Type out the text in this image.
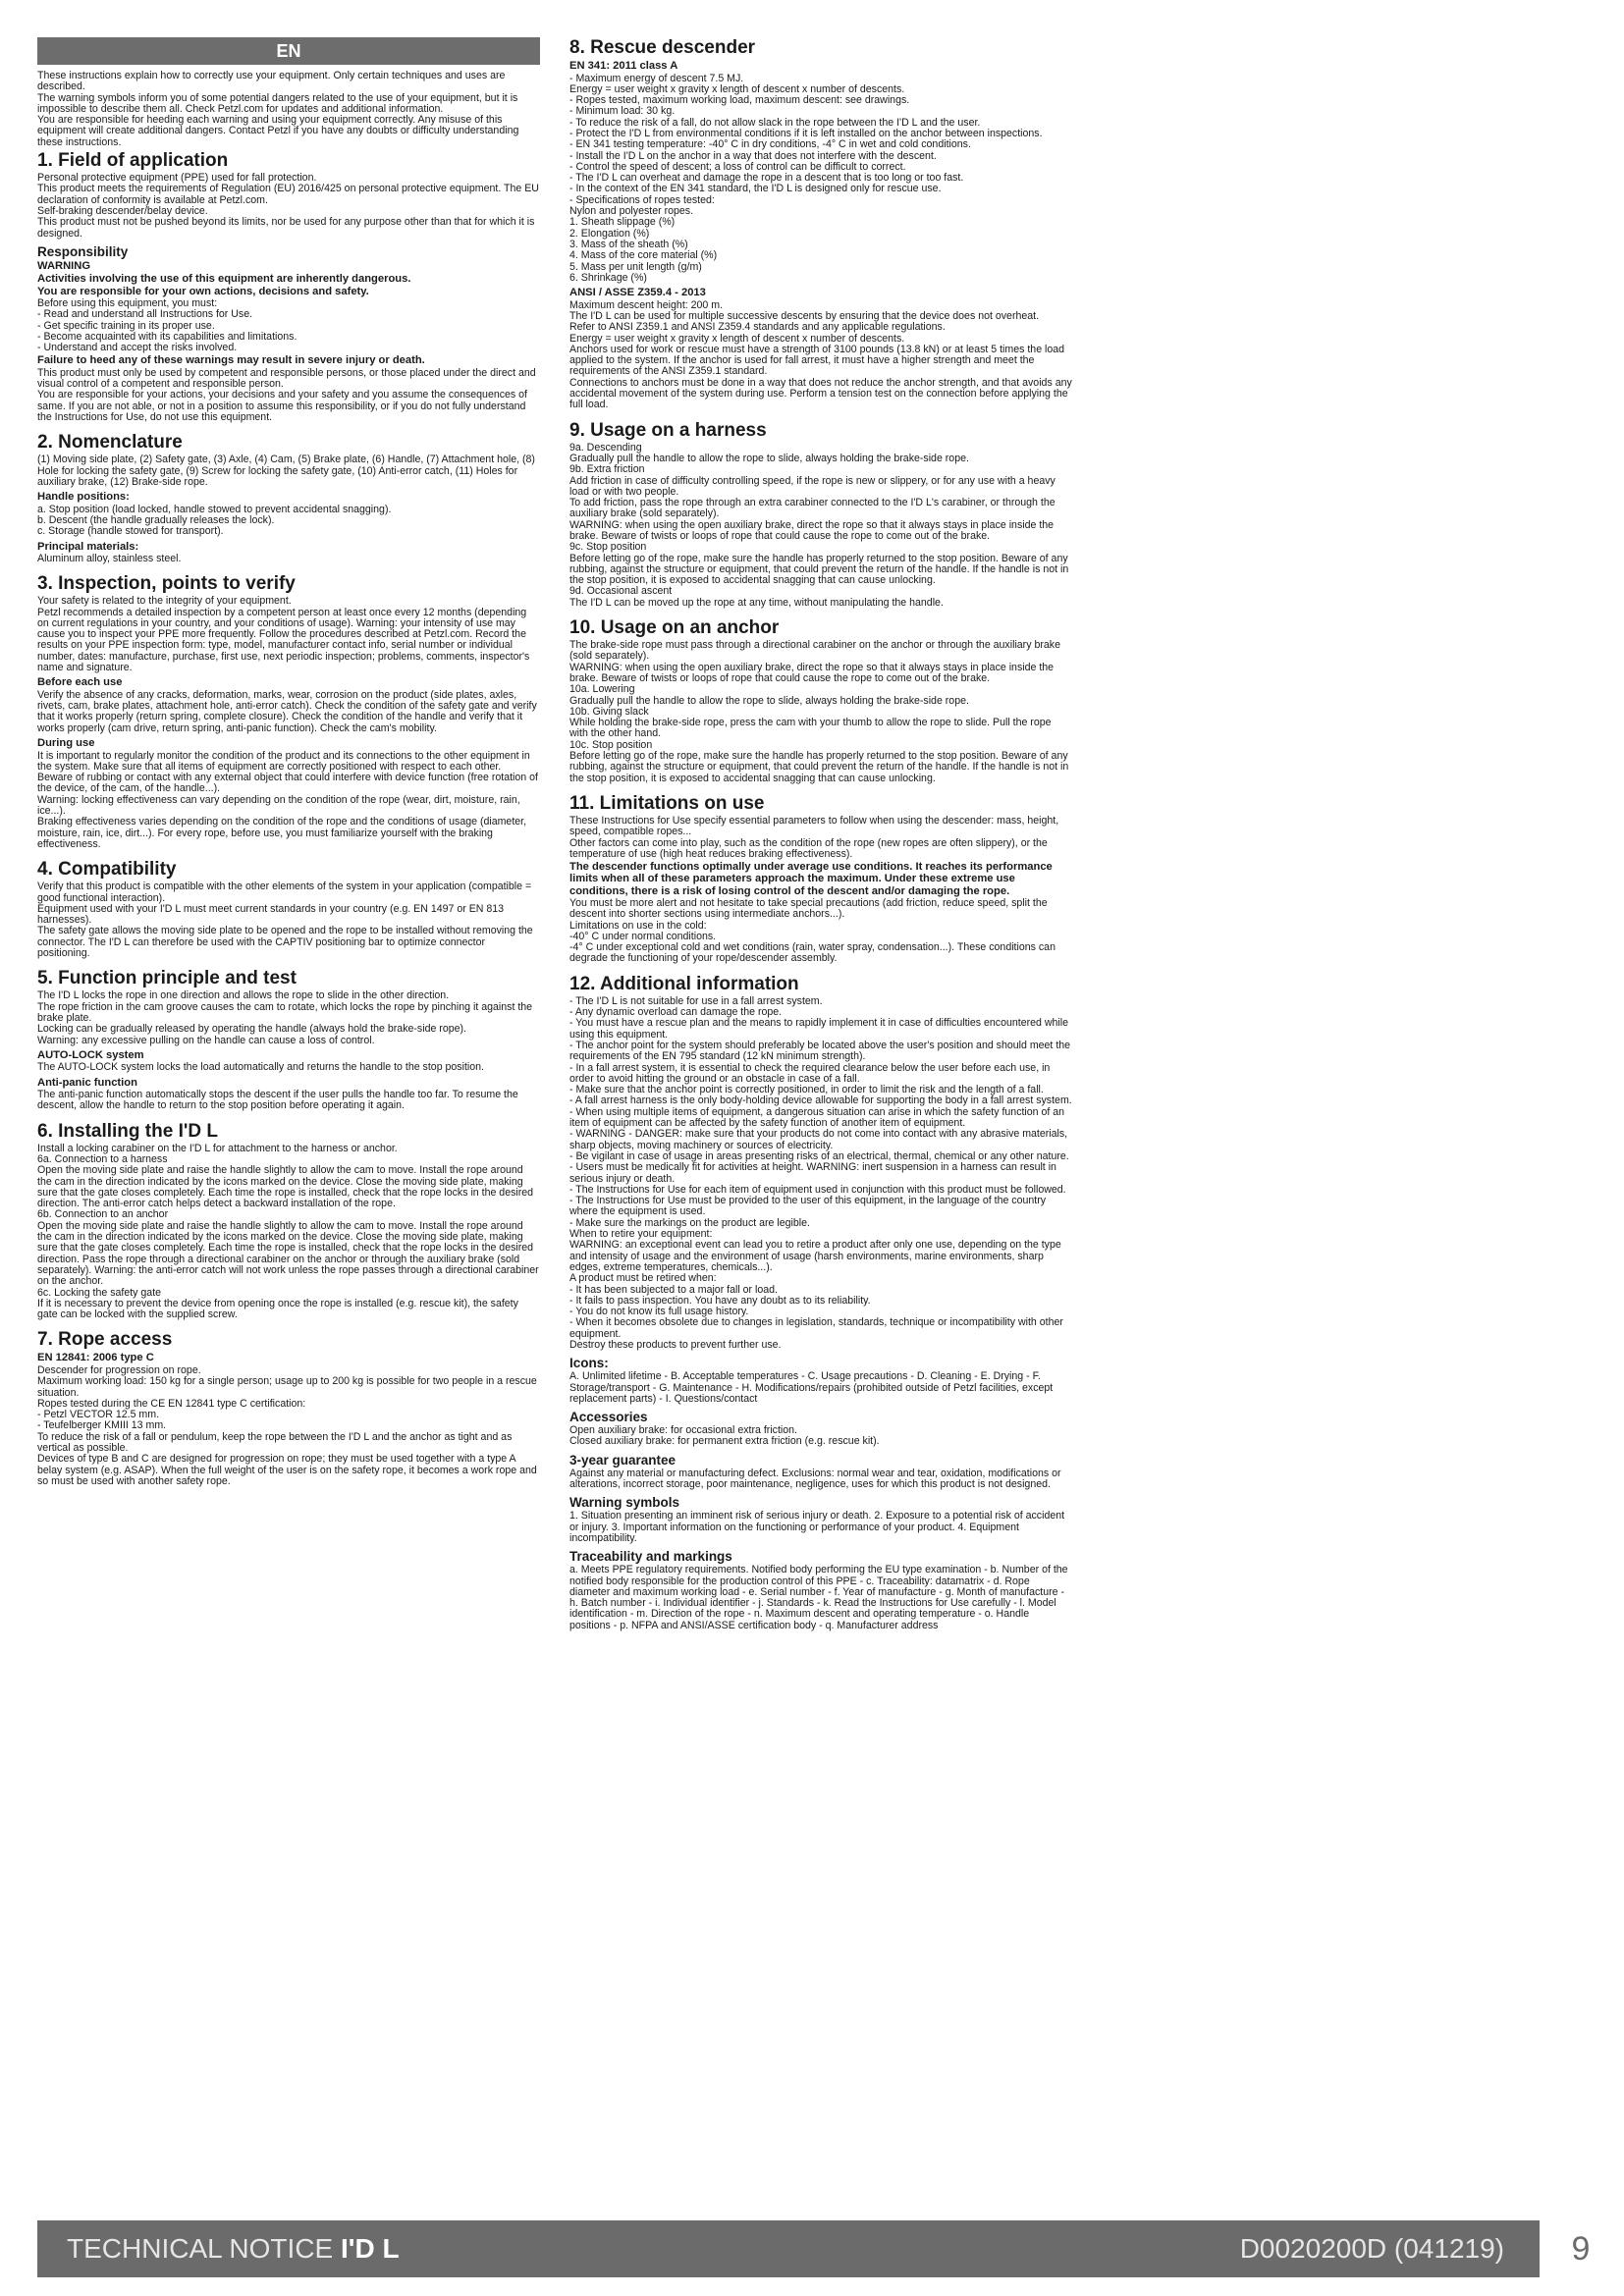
EN

These instructions explain how to correctly use your equipment. Only certain techniques and uses are described.
The warning symbols inform you of some potential dangers related to the use of your equipment, but it is impossible to describe them all. Check Petzl.com for updates and additional information.
You are responsible for heeding each warning and using your equipment correctly. Any misuse of this equipment will create additional dangers. Contact Petzl if you have any doubts or difficulty understanding these instructions.

1. Field of application

Personal protective equipment (PPE) used for fall protection.
This product meets the requirements of Regulation (EU) 2016/425 on personal protective equipment. The EU declaration of conformity is available at Petzl.com.
Self-braking descender/belay device.
This product must not be pushed beyond its limits, nor be used for any purpose other than that for which it is designed.

Responsibility
WARNING

Activities involving the use of this equipment are inherently dangerous.
You are responsible for your own actions, decisions and safety.

Before using this equipment, you must:
- Read and understand all Instructions for Use.
- Get specific training in its proper use.
- Become acquainted with its capabilities and limitations.
- Understand and accept the risks involved.

Failure to heed any of these warnings may result in severe injury or death.

This product must only be used by competent and responsible persons, or those placed under the direct and visual control of a competent and responsible person.
You are responsible for your actions, your decisions and your safety and you assume the consequences of same. If you are not able, or not in a position to assume this responsibility, or if you do not fully understand the Instructions for Use, do not use this equipment.

2. Nomenclature

(1) Moving side plate, (2) Safety gate, (3) Axle, (4) Cam, (5) Brake plate, (6) Handle, (7) Attachment hole, (8) Hole for locking the safety gate, (9) Screw for locking the safety gate, (10) Anti-error catch, (11) Holes for auxiliary brake, (12) Brake-side rope.

Handle positions:

a. Stop position (load locked, handle stowed to prevent accidental snagging).
b. Descent (the handle gradually releases the lock).
c. Storage (handle stowed for transport).

Principal materials:

Aluminum alloy, stainless steel.

3. Inspection, points to verify

Your safety is related to the integrity of your equipment.
Petzl recommends a detailed inspection by a competent person at least once every 12 months (depending on current regulations in your country, and your conditions of usage). Warning: your intensity of use may cause you to inspect your PPE more frequently. Follow the procedures described at Petzl.com. Record the results on your PPE inspection form: type, model, manufacturer contact info, serial number or individual number, dates: manufacture, purchase, first use, next periodic inspection; problems, comments, inspector's name and signature.

Before each use

Verify the absence of any cracks, deformation, marks, wear, corrosion on the product (side plates, axles, rivets, cam, brake plates, attachment hole, anti-error catch). Check the condition of the safety gate and verify that it works properly (return spring, complete closure). Check the condition of the handle and verify that it works properly (cam drive, return spring, anti-panic function). Check the cam's mobility.

During use

It is important to regularly monitor the condition of the product and its connections to the other equipment in the system. Make sure that all items of equipment are correctly positioned with respect to each other.
Beware of rubbing or contact with any external object that could interfere with device function (free rotation of the device, of the cam, of the handle...).
Warning: locking effectiveness can vary depending on the condition of the rope (wear, dirt, moisture, rain, ice...).
Braking effectiveness varies depending on the condition of the rope and the conditions of usage (diameter, moisture, rain, ice, dirt...). For every rope, before use, you must familiarize yourself with the braking effectiveness.

4. Compatibility

Verify that this product is compatible with the other elements of the system in your application (compatible = good functional interaction).
Equipment used with your I'D L must meet current standards in your country (e.g. EN 1497 or EN 813 harnesses).
The safety gate allows the moving side plate to be opened and the rope to be installed without removing the connector. The I'D L can therefore be used with the CAPTIV positioning bar to optimize connector positioning.

5. Function principle and test

The I'D L locks the rope in one direction and allows the rope to slide in the other direction.
The rope friction in the cam groove causes the cam to rotate, which locks the rope by pinching it against the brake plate.
Locking can be gradually released by operating the handle (always hold the brake-side rope).
Warning: any excessive pulling on the handle can cause a loss of control.

AUTO-LOCK system

The AUTO-LOCK system locks the load automatically and returns the handle to the stop position.

Anti-panic function

The anti-panic function automatically stops the descent if the user pulls the handle too far. To resume the descent, allow the handle to return to the stop position before operating it again.

6. Installing the I'D L

Install a locking carabiner on the I'D L for attachment to the harness or anchor.
6a. Connection to a harness
Open the moving side plate and raise the handle slightly to allow the cam to move. Install the rope around the cam in the direction indicated by the icons marked on the device. Close the moving side plate, making sure that the gate closes completely. Each time the rope is installed, check that the rope locks in the desired direction. The anti-error catch helps detect a backward installation of the rope.
6b. Connection to an anchor
Open the moving side plate and raise the handle slightly to allow the cam to move. Install the rope around the cam in the direction indicated by the icons marked on the device. Close the moving side plate, making sure that the gate closes completely. Each time the rope is installed, check that the rope locks in the desired direction. Pass the rope through a directional carabiner on the anchor or through the auxiliary brake (sold separately). Warning: the anti-error catch will not work unless the rope passes through a directional carabiner on the anchor.
6c. Locking the safety gate
If it is necessary to prevent the device from opening once the rope is installed (e.g. rescue kit), the safety gate can be locked with the supplied screw.

7. Rope access
EN 12841: 2006 type C

Descender for progression on rope.
Maximum working load: 150 kg for a single person; usage up to 200 kg is possible for two people in a rescue situation.
Ropes tested during the CE EN 12841 type C certification:
- Petzl VECTOR 12.5 mm.
- Teufelberger KMIII 13 mm.
To reduce the risk of a fall or pendulum, keep the rope between the I'D L and the anchor as tight and as vertical as possible.
Devices of type B and C are designed for progression on rope; they must be used together with a type A belay system (e.g. ASAP). When the full weight of the user is on the safety rope, it becomes a work rope and so must be used with another safety rope.

8. Rescue descender
EN 341: 2011 class A

- Maximum energy of descent 7.5 MJ.
Energy = user weight x gravity x length of descent x number of descents.
- Ropes tested, maximum working load, maximum descent: see drawings.
- Minimum load: 30 kg.
- To reduce the risk of a fall, do not allow slack in the rope between the I'D L and the user.
- Protect the I'D L from environmental conditions if it is left installed on the anchor between inspections.
- EN 341 testing temperature: -40° C in dry conditions, -4° C in wet and cold conditions.
- Install the I'D L on the anchor in a way that does not interfere with the descent.
- Control the speed of descent; a loss of control can be difficult to correct.
- The I'D L can overheat and damage the rope in a descent that is too long or too fast.
- In the context of the EN 341 standard, the I'D L is designed only for rescue use.
- Specifications of ropes tested:
Nylon and polyester ropes.
1. Sheath slippage (%)
2. Elongation (%)
3. Mass of the sheath (%)
4. Mass of the core material (%)
5. Mass per unit length (g/m)
6. Shrinkage (%)

ANSI / ASSE Z359.4 - 2013

Maximum descent height: 200 m.
The I'D L can be used for multiple successive descents by ensuring that the device does not overheat.
Refer to ANSI Z359.1 and ANSI Z359.4 standards and any applicable regulations.
Energy = user weight x gravity x length of descent x number of descents.
Anchors used for work or rescue must have a strength of 3100 pounds (13.8 kN) or at least 5 times the load applied to the system. If the anchor is used for fall arrest, it must have a higher strength and meet the requirements of the ANSI Z359.1 standard.
Connections to anchors must be done in a way that does not reduce the anchor strength, and that avoids any accidental movement of the system during use. Perform a tension test on the connection before applying the full load.

9. Usage on a harness

9a. Descending
Gradually pull the handle to allow the rope to slide, always holding the brake-side rope.
9b. Extra friction
Add friction in case of difficulty controlling speed, if the rope is new or slippery, or for any use with a heavy load or with two people.
To add friction, pass the rope through an extra carabiner connected to the I'D L's carabiner, or through the auxiliary brake (sold separately).
WARNING: when using the open auxiliary brake, direct the rope so that it always stays in place inside the brake. Beware of twists or loops of rope that could cause the rope to come out of the brake.
9c. Stop position
Before letting go of the rope, make sure the handle has properly returned to the stop position. Beware of any rubbing, against the structure or equipment, that could prevent the return of the handle. If the handle is not in the stop position, it is exposed to accidental snagging that can cause unlocking.
9d. Occasional ascent
The I'D L can be moved up the rope at any time, without manipulating the handle.

10. Usage on an anchor

The brake-side rope must pass through a directional carabiner on the anchor or through the auxiliary brake (sold separately).
WARNING: when using the open auxiliary brake, direct the rope so that it always stays in place inside the brake. Beware of twists or loops of rope that could cause the rope to come out of the brake.
10a. Lowering
Gradually pull the handle to allow the rope to slide, always holding the brake-side rope.
10b. Giving slack
While holding the brake-side rope, press the cam with your thumb to allow the rope to slide. Pull the rope with the other hand.
10c. Stop position
Before letting go of the rope, make sure the handle has properly returned to the stop position. Beware of any rubbing, against the structure or equipment, that could prevent the return of the handle. If the handle is not in the stop position, it is exposed to accidental snagging that can cause unlocking.

11. Limitations on use

These Instructions for Use specify essential parameters to follow when using the descender: mass, height, speed, compatible ropes...
Other factors can come into play, such as the condition of the rope (new ropes are often slippery), or the temperature of use (high heat reduces braking effectiveness).

The descender functions optimally under average use conditions. It reaches its performance limits when all of these parameters approach the maximum. Under these extreme use conditions, there is a risk of losing control of the descent and/or damaging the rope.

You must be more alert and not hesitate to take special precautions (add friction, reduce speed, split the descent into shorter sections using intermediate anchors...).
Limitations on use in the cold:
-40° C under normal conditions.
-4° C under exceptional cold and wet conditions (rain, water spray, condensation...). These conditions can degrade the functioning of your rope/descender assembly.

12. Additional information

- The I'D L is not suitable for use in a fall arrest system.
- Any dynamic overload can damage the rope.
- You must have a rescue plan and the means to rapidly implement it in case of difficulties encountered while using this equipment.
- The anchor point for the system should preferably be located above the user's position and should meet the requirements of the EN 795 standard (12 kN minimum strength).
- In a fall arrest system, it is essential to check the required clearance below the user before each use, in order to avoid hitting the ground or an obstacle in case of a fall.
- Make sure that the anchor point is correctly positioned, in order to limit the risk and the length of a fall.
- A fall arrest harness is the only body-holding device allowable for supporting the body in a fall arrest system.
- When using multiple items of equipment, a dangerous situation can arise in which the safety function of an item of equipment can be affected by the safety function of another item of equipment.
- WARNING - DANGER: make sure that your products do not come into contact with any abrasive materials, sharp objects, moving machinery or sources of electricity.
- Be vigilant in case of usage in areas presenting risks of an electrical, thermal, chemical or any other nature.
- Users must be medically fit for activities at height. WARNING: inert suspension in a harness can result in serious injury or death.
- The Instructions for Use for each item of equipment used in conjunction with this product must be followed.
- The Instructions for Use must be provided to the user of this equipment, in the language of the country where the equipment is used.
- Make sure the markings on the product are legible.
When to retire your equipment:
WARNING: an exceptional event can lead you to retire a product after only one use, depending on the type and intensity of usage and the environment of usage (harsh environments, marine environments, sharp edges, extreme temperatures, chemicals...).
A product must be retired when:
- It has been subjected to a major fall or load.
- It fails to pass inspection. You have any doubt as to its reliability.
- You do not know its full usage history.
- When it becomes obsolete due to changes in legislation, standards, technique or incompatibility with other equipment.
Destroy these products to prevent further use.

Icons:

A. Unlimited lifetime - B. Acceptable temperatures - C. Usage precautions - D. Cleaning - E. Drying - F. Storage/transport - G. Maintenance - H. Modifications/repairs (prohibited outside of Petzl facilities, except replacement parts) - I. Questions/contact

Accessories

Open auxiliary brake: for occasional extra friction.
Closed auxiliary brake: for permanent extra friction (e.g. rescue kit).

3-year guarantee

Against any material or manufacturing defect. Exclusions: normal wear and tear, oxidation, modifications or alterations, incorrect storage, poor maintenance, negligence, uses for which this product is not designed.

Warning symbols

1. Situation presenting an imminent risk of serious injury or death. 2. Exposure to a potential risk of accident or injury. 3. Important information on the functioning or performance of your product. 4. Equipment incompatibility.

Traceability and markings

a. Meets PPE regulatory requirements. Notified body performing the EU type examination - b. Number of the notified body responsible for the production control of this PPE - c. Traceability: datamatrix - d. Rope diameter and maximum working load - e. Serial number - f. Year of manufacture - g. Month of manufacture - h. Batch number - i. Individual identifier - j. Standards - k. Read the Instructions for Use carefully - l. Model identification - m. Direction of the rope - n. Maximum descent and operating temperature - o. Handle positions - p. NFPA and ANSI/ASSE certification body - q. Manufacturer address

TECHNICAL NOTICE I'D L	D0020200D (041219)	9
